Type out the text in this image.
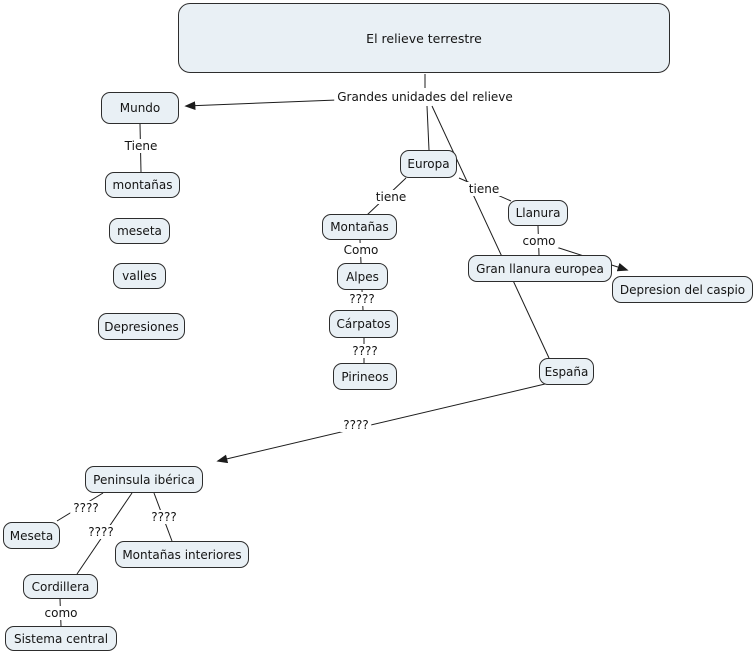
El relieve terrestre
Mundo
montañas
meseta
valles
Depresiones
Europa
Montañas
Alpes
Cárpatos
Pirineos
Llanura
Gran llanura europea
Depresion del caspio
España
Peninsula ibérica
Meseta
Cordillera
Montañas interiores
Sistema central
Grandes unidades del relieve
Tiene
tiene
tiene
Como
????
????
como
????
????
????
????
como
